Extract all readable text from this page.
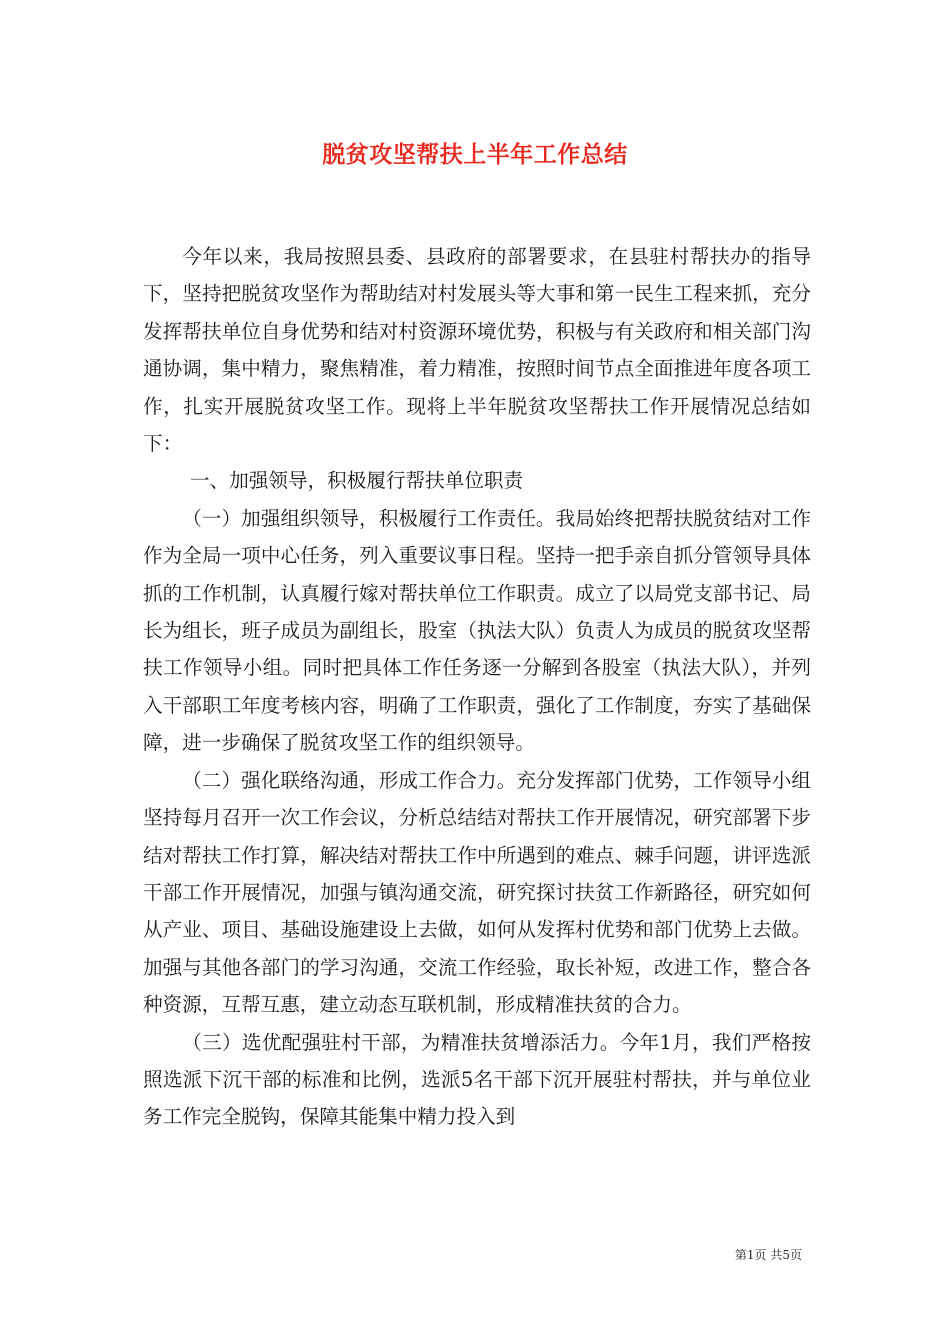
脱贫攻坚帮扶上半年工作总结

今年以来，我局按照县委、县政府的部署要求，在县驻村帮扶办的指导下，坚持把脱贫攻坚作为帮助结对村发展头等大事和第一民生工程来抓，充分发挥帮扶单位自身优势和结对村资源环境优势，积极与有关政府和相关部门沟通协调，集中精力，聚焦精准，着力精准，按照时间节点全面推进年度各项工作，扎实开展脱贫攻坚工作。现将上半年脱贫攻坚帮扶工作开展情况总结如下：

一、加强领导，积极履行帮扶单位职责

（一）加强组织领导，积极履行工作责任。我局始终把帮扶脱贫结对工作作为全局一项中心任务，列入重要议事日程。坚持一把手亲自抓分管领导具体抓的工作机制，认真履行嫁对帮扶单位工作职责。成立了以局党支部书记、局长为组长，班子成员为副组长，股室（执法大队）负责人为成员的脱贫攻坚帮扶工作领导小组。同时把具体工作任务逐一分解到各股室（执法大队），并列入干部职工年度考核内容，明确了工作职责，强化了工作制度，夯实了基础保障，进一步确保了脱贫攻坚工作的组织领导。

（二）强化联络沟通，形成工作合力。充分发挥部门优势，工作领导小组坚持每月召开一次工作会议，分析总结结对帮扶工作开展情况，研究部署下步结对帮扶工作打算，解决结对帮扶工作中所遇到的难点、棘手问题，讲评选派干部工作开展情况，加强与镇沟通交流，研究探讨扶贫工作新路径，研究如何从产业、项目、基础设施建设上去做，如何从发挥村优势和部门优势上去做。加强与其他各部门的学习沟通，交流工作经验，取长补短，改进工作，整合各种资源，互帮互惠，建立动态互联机制，形成精准扶贫的合力。

（三）选优配强驻村干部，为精准扶贫增添活力。今年1月，我们严格按照选派下沉干部的标准和比例，选派5名干部下沉开展驻村帮扶，并与单位业务工作完全脱钩，保障其能集中精力投入到

第1页 共5页
